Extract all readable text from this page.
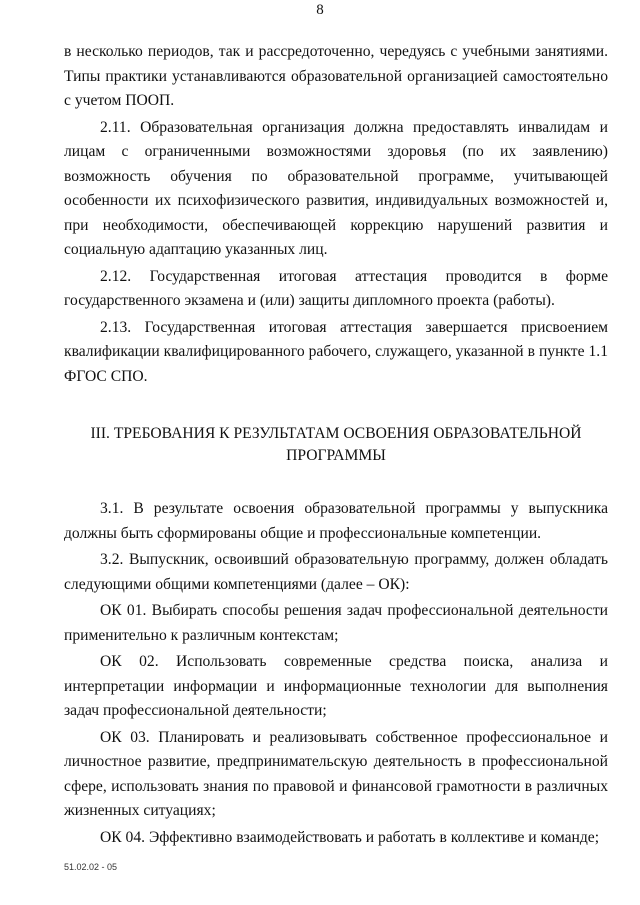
8

в несколько периодов, так и рассредоточенно, чередуясь с учебными занятиями. Типы практики устанавливаются образовательной организацией самостоятельно с учетом ПООП.

2.11. Образовательная организация должна предоставлять инвалидам и лицам с ограниченными возможностями здоровья (по их заявлению) возможность обучения по образовательной программе, учитывающей особенности их психофизического развития, индивидуальных возможностей и, при необходимости, обеспечивающей коррекцию нарушений развития и социальную адаптацию указанных лиц.

2.12. Государственная итоговая аттестация проводится в форме государственного экзамена и (или) защиты дипломного проекта (работы).

2.13. Государственная итоговая аттестация завершается присвоением квалификации квалифицированного рабочего, служащего, указанной в пункте 1.1 ФГОС СПО.

III. ТРЕБОВАНИЯ К РЕЗУЛЬТАТАМ ОСВОЕНИЯ ОБРАЗОВАТЕЛЬНОЙ ПРОГРАММЫ

3.1. В результате освоения образовательной программы у выпускника должны быть сформированы общие и профессиональные компетенции.

3.2. Выпускник, освоивший образовательную программу, должен обладать следующими общими компетенциями (далее – ОК):

ОК 01. Выбирать способы решения задач профессиональной деятельности применительно к различным контекстам;

ОК 02. Использовать современные средства поиска, анализа и интерпретации информации и информационные технологии для выполнения задач профессиональной деятельности;

ОК 03. Планировать и реализовывать собственное профессиональное и личностное развитие, предпринимательскую деятельность в профессиональной сфере, использовать знания по правовой и финансовой грамотности в различных жизненных ситуациях;

ОК 04. Эффективно взаимодействовать и работать в коллективе и команде;

51.02.02 - 05
